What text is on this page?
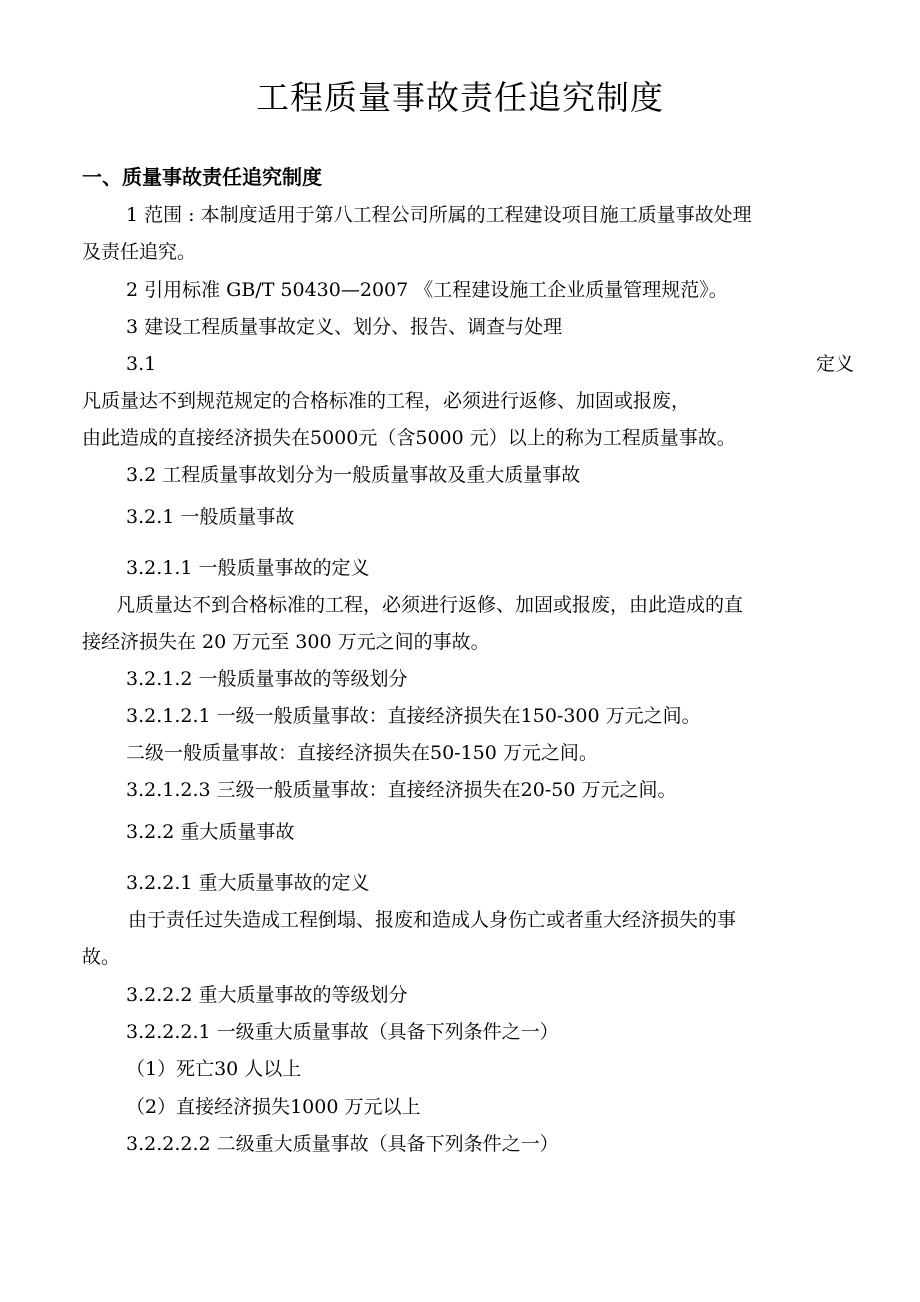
工程质量事故责任追究制度
一、质量事故责任追究制度
1 范围 : 本制度适用于第八工程公司所属的工程建设项目施工质量事故处理
及责任追究。
2 引用标准 GB/T 50430—2007 《工程建设施工企业质量管理规范》。
3 建设工程质量事故定义、划分、报告、调查与处理
3.1	定义
凡质量达不到规范规定的合格标准的工程，必须进行返修、加固或报废，
由此造成的直接经济损失在5000元（含5000 元）以上的称为工程质量事故。
3.2 工程质量事故划分为一般质量事故及重大质量事故
3.2.1 一般质量事故
3.2.1.1 一般质量事故的定义
凡质量达不到合格标准的工程，必须进行返修、加固或报废，由此造成的直
接经济损失在 20 万元至 300 万元之间的事故。
3.2.1.2 一般质量事故的等级划分
3.2.1.2.1 一级一般质量事故：直接经济损失在150-300 万元之间。
二级一般质量事故：直接经济损失在50-150 万元之间。
3.2.1.2.3 三级一般质量事故：直接经济损失在20-50 万元之间。
3.2.2 重大质量事故
3.2.2.1 重大质量事故的定义
由于责任过失造成工程倒塌、报废和造成人身伤亡或者重大经济损失的事
故。
3.2.2.2 重大质量事故的等级划分
3.2.2.2.1 一级重大质量事故（具备下列条件之一）
（1）死亡30 人以上
（2）直接经济损失1000 万元以上
3.2.2.2.2 二级重大质量事故（具备下列条件之一）
